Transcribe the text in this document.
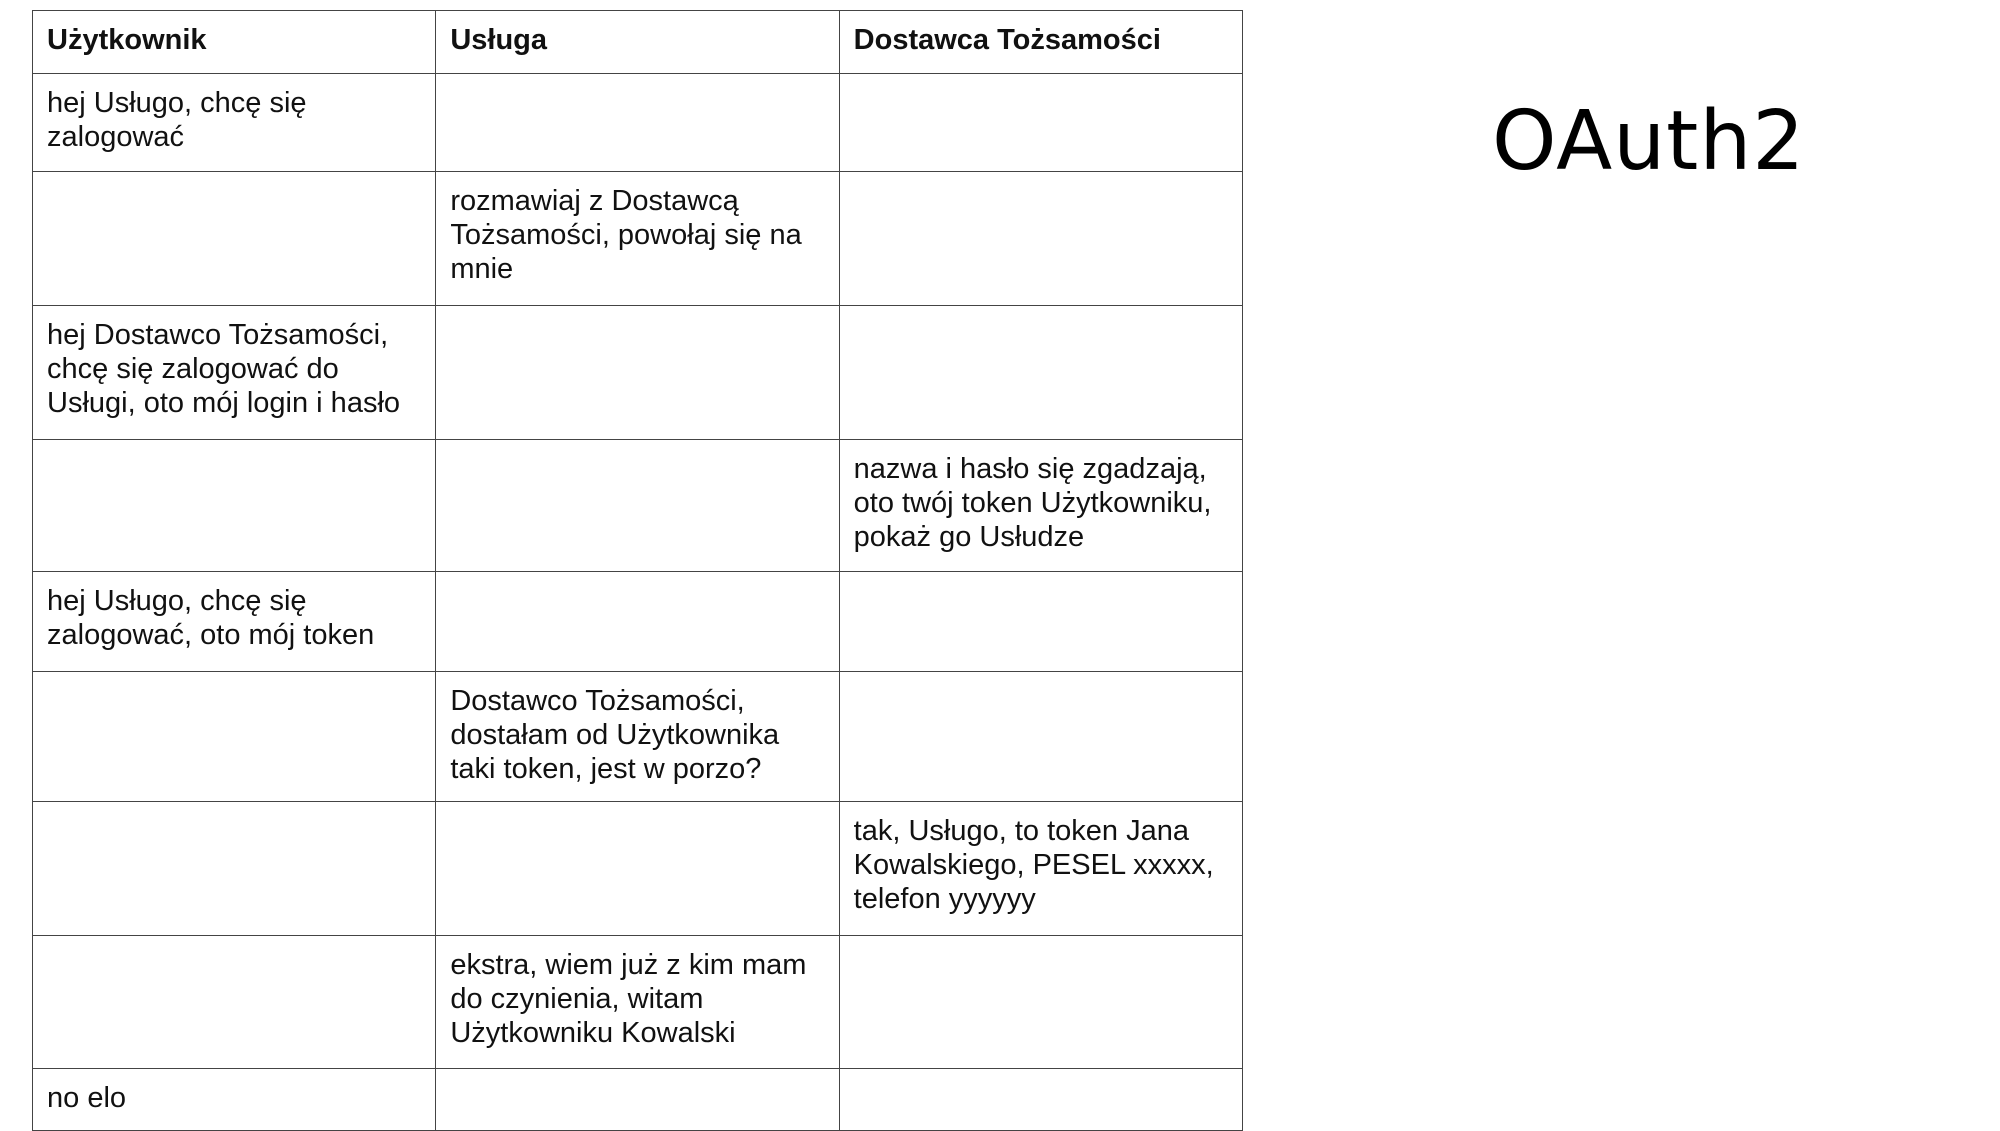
Użytkownik	Usługa	Dostawca Tożsamości
hej Usługo, chcę się zalogować		
	rozmawiaj z Dostawcą Tożsamości, powołaj się na mnie	
hej Dostawco Tożsamości, chcę się zalogować do Usługi, oto mój login i hasło		
		nazwa i hasło się zgadzają, oto twój token Użytkowniku, pokaż go Usłudze
hej Usługo, chcę się zalogować, oto mój token		
	Dostawco Tożsamości, dostałam od Użytkownika taki token, jest w porzo?	
		tak, Usługo, to token Jana Kowalskiego, PESEL xxxxx, telefon yyyyyy
	ekstra, wiem już z kim mam do czynienia, witam Użytkowniku Kowalski	
no elo		
OAuth2
